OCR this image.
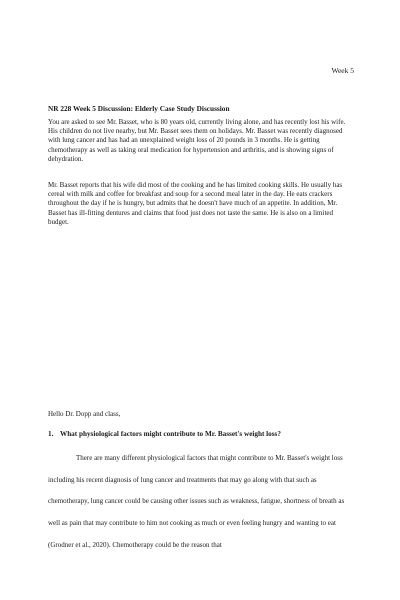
Week 5
NR 228 Week 5 Discussion: Elderly Case Study Discussion

You are asked to see Mr. Basset, who is 80 years old, currently living alone, and has recently lost his wife. His children do not live nearby, but Mr. Basset sees them on holidays. Mr. Basset was recently diagnosed with lung cancer and has had an unexplained weight loss of 20 pounds in 3 months. He is getting chemotherapy as well as taking oral medication for hypertension and arthritis, and is showing signs of dehydration.

Mr. Basset reports that his wife did most of the cooking and he has limited cooking skills. He usually has cereal with milk and coffee for breakfast and soup for a second meal later in the day. He eats crackers throughout the day if he is hungry, but admits that he doesn't have much of an appetite. In addition, Mr. Basset has ill-fitting dentures and claims that food just does not taste the same. He is also on a limited budget.

Hello Dr. Dopp and class,
1. What physiological factors might contribute to Mr. Basset's weight loss?

There are many different physiological factors that might contribute to Mr. Basset's weight loss including his recent diagnosis of lung cancer and treatments that may go along with that such as chemotherapy, lung cancer could be causing other issues such as weakness, fatigue, shortness of breath as well as pain that may contribute to him not cooking as much or even feeling hungry and wanting to eat (Grodner et al., 2020). Chemotherapy could be the reason that
